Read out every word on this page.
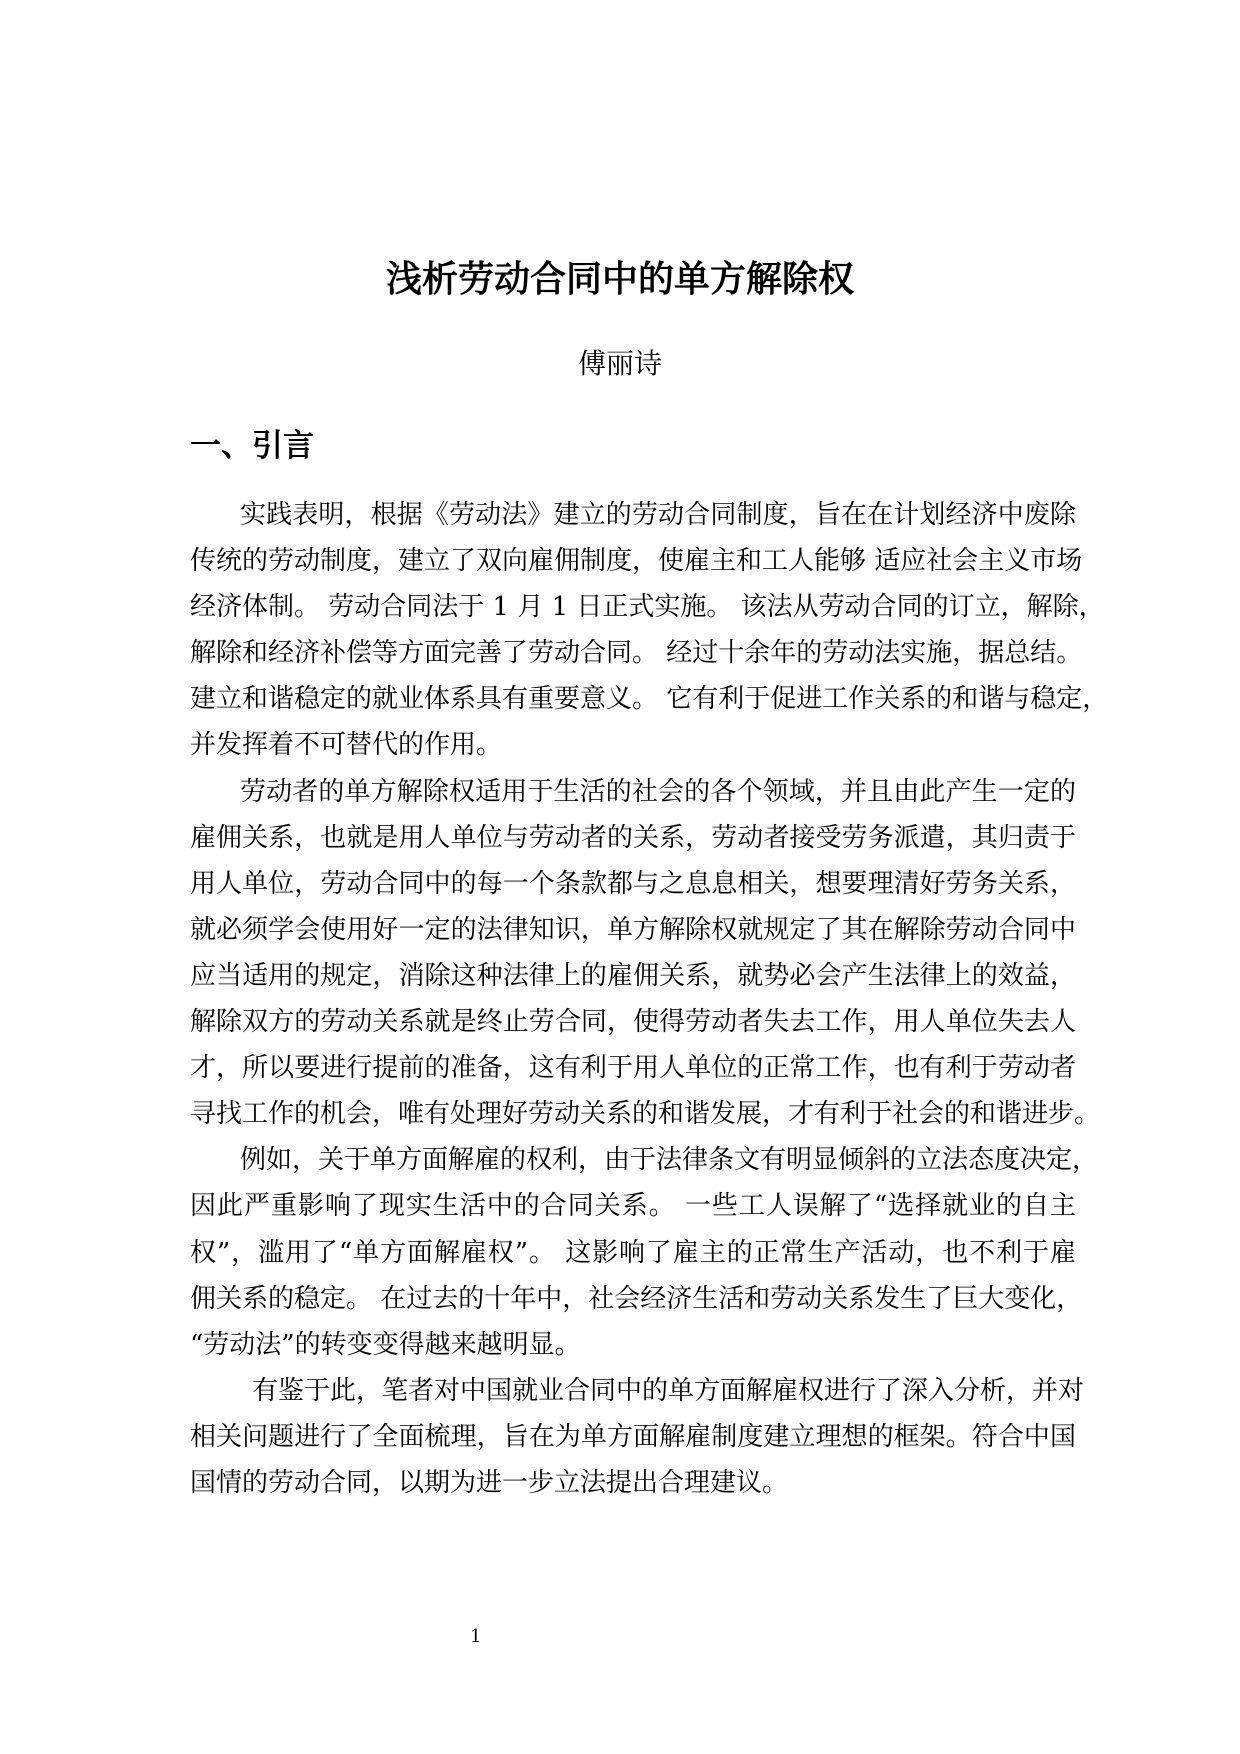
浅析劳动合同中的单方解除权
傅丽诗
一、引言
实践表明，根据《劳动法》建立的劳动合同制度，旨在在计划经济中废除
传统的劳动制度，建立了双向雇佣制度，使雇主和工人能够 适应社会主义市场
经济体制。 劳动合同法于 1 月 1 日正式实施。 该法从劳动合同的订立，解除，
解除和经济补偿等方面完善了劳动合同。 经过十余年的劳动法实施，据总结。
建立和谐稳定的就业体系具有重要意义。 它有利于促进工作关系的和谐与稳定，
并发挥着不可替代的作用。
劳动者的单方解除权适用于生活的社会的各个领域，并且由此产生一定的
雇佣关系，也就是用人单位与劳动者的关系，劳动者接受劳务派遣，其归责于
用人单位，劳动合同中的每一个条款都与之息息相关，想要理清好劳务关系，
就必须学会使用好一定的法律知识，单方解除权就规定了其在解除劳动合同中
应当适用的规定，消除这种法律上的雇佣关系，就势必会产生法律上的效益，
解除双方的劳动关系就是终止劳合同，使得劳动者失去工作，用人单位失去人
才，所以要进行提前的准备，这有利于用人单位的正常工作，也有利于劳动者
寻找工作的机会，唯有处理好劳动关系的和谐发展，才有利于社会的和谐进步。
例如，关于单方面解雇的权利，由于法律条文有明显倾斜的立法态度决定，
因此严重影响了现实生活中的合同关系。 一些工人误解了“选择就业的自主
权”，滥用了“单方面解雇权”。 这影响了雇主的正常生产活动，也不利于雇
佣关系的稳定。 在过去的十年中，社会经济生活和劳动关系发生了巨大变化，
“劳动法”的转变变得越来越明显。
有鉴于此，笔者对中国就业合同中的单方面解雇权进行了深入分析，并对
相关问题进行了全面梳理，旨在为单方面解雇制度建立理想的框架。符合中国
国情的劳动合同，以期为进一步立法提出合理建议。
1
